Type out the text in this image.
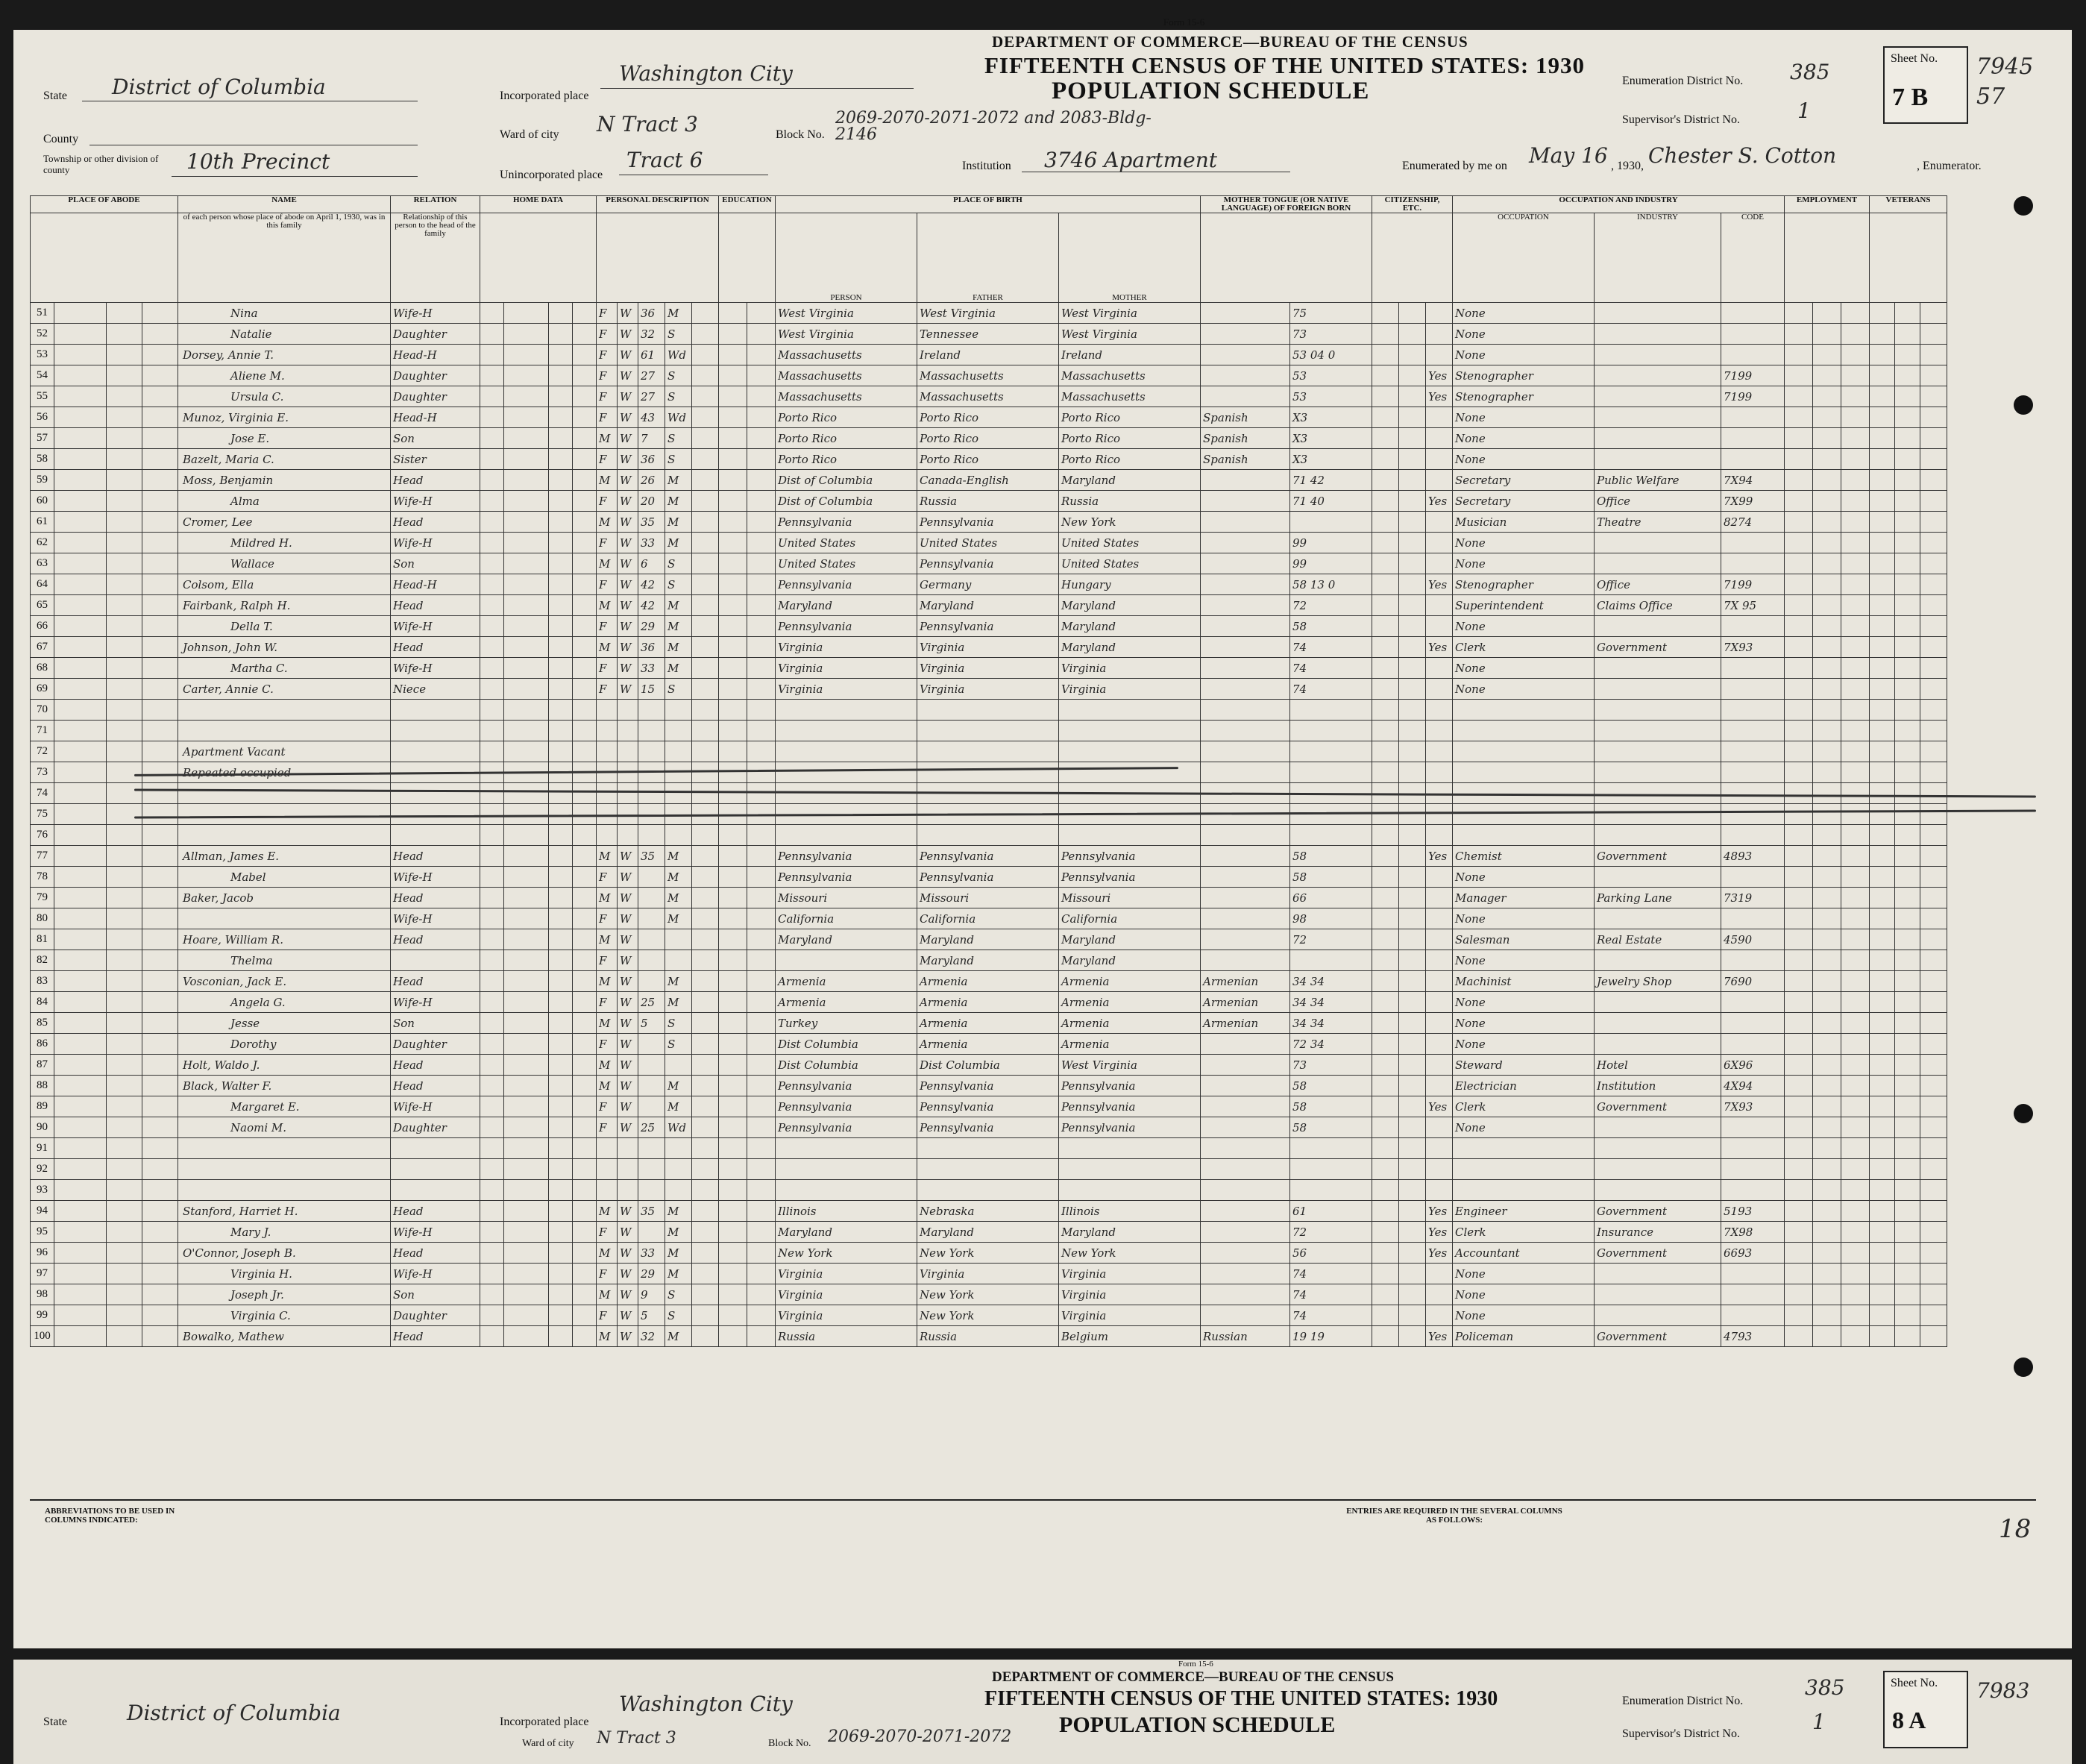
Form 15-6
DEPARTMENT OF COMMERCE—BUREAU OF THE CENSUS
FIFTEENTH CENSUS OF THE UNITED STATES: 1930
POPULATION SCHEDULE
State District of Columbia
County
Township or other division of county	10th Precinct
Incorporated place
Washington City
Ward of city N Tract 3	Block No.
2069-2070-2071-2072 and 2083-Bldg-2146
Unincorporated place
Tract 6	Institution 3746 Apartment	Enumerated by me on May 16 , 1930, Chester S. Cotton	, Enumerator.
Enumeration District No. 385
Supervisor's District No.	1
Sheet No.
7 B
7945 57
PLACE OF ABODE				NAME	RELATION	HOME DATA				PERSONAL DESCRIPTION					EDUCATION		PLACE OF BIRTH			MOTHER TONGUE (OR NATIVE LANGUAGE) OF FOREIGN BORN		CITIZENSHIP, ETC.			OCCUPATION AND INDUSTRY			EMPLOYMENT			VETERANS		
				of each person whose place of abode on April 1, 1930, was in this family	Relationship of this person to the head of the family												PERSON	FATHER	MOTHER						OCCUPATION	INDUSTRY	CODE						
51				Nina	Wife-H					F	W	36	M				West Virginia	West Virginia	West Virginia		75				None								
52				Natalie	Daughter					F	W	32	S				West Virginia	Tennessee	West Virginia		73				None								
53				Dorsey, Annie T.	Head-H					F	W	61	Wd				Massachusetts	Ireland	Ireland		53 04 0				None								
54				Aliene M.	Daughter					F	W	27	S				Massachusetts	Massachusetts	Massachusetts		53			Yes	Stenographer		7199						
55				Ursula C.	Daughter					F	W	27	S				Massachusetts	Massachusetts	Massachusetts		53			Yes	Stenographer		7199						
56				Munoz, Virginia E.	Head-H					F	W	43	Wd				Porto Rico	Porto Rico	Porto Rico	Spanish	X3				None								
57				Jose E.	Son					M	W	7	S				Porto Rico	Porto Rico	Porto Rico	Spanish	X3				None								
58				Bazelt, Maria C.	Sister					F	W	36	S				Porto Rico	Porto Rico	Porto Rico	Spanish	X3				None								
59				Moss, Benjamin	Head					M	W	26	M				Dist of Columbia	Canada-English	Maryland		71 42				Secretary	Public Welfare	7X94						
60				Alma	Wife-H					F	W	20	M				Dist of Columbia	Russia	Russia		71 40			Yes	Secretary	Office	7X99						
61				Cromer, Lee	Head					M	W	35	M				Pennsylvania	Pennsylvania	New York						Musician	Theatre	8274						
62				Mildred H.	Wife-H					F	W	33	M				United States	United States	United States		99				None								
63				Wallace	Son					M	W	6	S				United States	Pennsylvania	United States		99				None								
64				Colsom, Ella	Head-H					F	W	42	S				Pennsylvania	Germany	Hungary		58 13 0			Yes	Stenographer	Office	7199						
65				Fairbank, Ralph H.	Head					M	W	42	M				Maryland	Maryland	Maryland		72				Superintendent	Claims Office	7X 95						
66				Della T.	Wife-H					F	W	29	M				Pennsylvania	Pennsylvania	Maryland		58				None								
67				Johnson, John W.	Head					M	W	36	M				Virginia	Virginia	Maryland		74			Yes	Clerk	Government	7X93						
68				Martha C.	Wife-H					F	W	33	M				Virginia	Virginia	Virginia		74				None								
69				Carter, Annie C.	Niece					F	W	15	S				Virginia	Virginia	Virginia		74				None								
70																																	
71																																	
72				Apartment Vacant																													
73				Repeated occupied																													
74																																	
75																																	
76																																	
77				Allman, James E.	Head					M	W	35	M				Pennsylvania	Pennsylvania	Pennsylvania		58			Yes	Chemist	Government	4893						
78				Mabel	Wife-H					F	W		M				Pennsylvania	Pennsylvania	Pennsylvania		58				None								
79				Baker, Jacob	Head					M	W		M				Missouri	Missouri	Missouri		66				Manager	Parking Lane	7319						
80					Wife-H					F	W		M				California	California	California		98				None								
81				Hoare, William R.	Head					M	W						Maryland	Maryland	Maryland		72				Salesman	Real Estate	4590						
82				Thelma						F	W							Maryland	Maryland						None								
83				Vosconian, Jack E.	Head					M	W		M				Armenia	Armenia	Armenia	Armenian	34 34				Machinist	Jewelry Shop	7690						
84				Angela G.	Wife-H					F	W	25	M				Armenia	Armenia	Armenia	Armenian	34 34				None								
85				Jesse	Son					M	W	5	S				Turkey	Armenia	Armenia	Armenian	34 34				None								
86				Dorothy	Daughter					F	W		S				Dist Columbia	Armenia	Armenia		72 34				None								
87				Holt, Waldo J.	Head					M	W						Dist Columbia	Dist Columbia	West Virginia		73				Steward	Hotel	6X96						
88				Black, Walter F.	Head					M	W		M				Pennsylvania	Pennsylvania	Pennsylvania		58				Electrician	Institution	4X94						
89				Margaret E.	Wife-H					F	W		M				Pennsylvania	Pennsylvania	Pennsylvania		58			Yes	Clerk	Government	7X93						
90				Naomi M.	Daughter					F	W	25	Wd				Pennsylvania	Pennsylvania	Pennsylvania		58				None								
91																																	
92																																	
93																																	
94				Stanford, Harriet H.	Head					M	W	35	M				Illinois	Nebraska	Illinois		61			Yes	Engineer	Government	5193						
95				Mary J.	Wife-H					F	W		M				Maryland	Maryland	Maryland		72			Yes	Clerk	Insurance	7X98						
96				O'Connor, Joseph B.	Head					M	W	33	M				New York	New York	New York		56			Yes	Accountant	Government	6693						
97				Virginia H.	Wife-H					F	W	29	M				Virginia	Virginia	Virginia		74				None								
98				Joseph Jr.	Son					M	W	9	S				Virginia	New York	Virginia		74				None								
99				Virginia C.	Daughter					F	W	5	S				Virginia	New York	Virginia		74				None								
100				Bowalko, Mathew	Head					M	W	32	M				Russia	Russia	Belgium	Russian	19 19			Yes	Policeman	Government	4793						
ABBREVIATIONS TO BE USED IN COLUMNS INDICATED:
ENTRIES ARE REQUIRED IN THE SEVERAL COLUMNS AS FOLLOWS:	18
Form 15-6
DEPARTMENT OF COMMERCE—BUREAU OF THE CENSUS
FIFTEENTH CENSUS OF THE UNITED STATES: 1930
POPULATION SCHEDULE
State	District of Columbia	Incorporated place
Washington City
Ward of city N Tract 3	Block No. 2069-2070-2071-2072
Enumeration District No.
385
Supervisor's District No.	1
Sheet No.
8 A
7983
